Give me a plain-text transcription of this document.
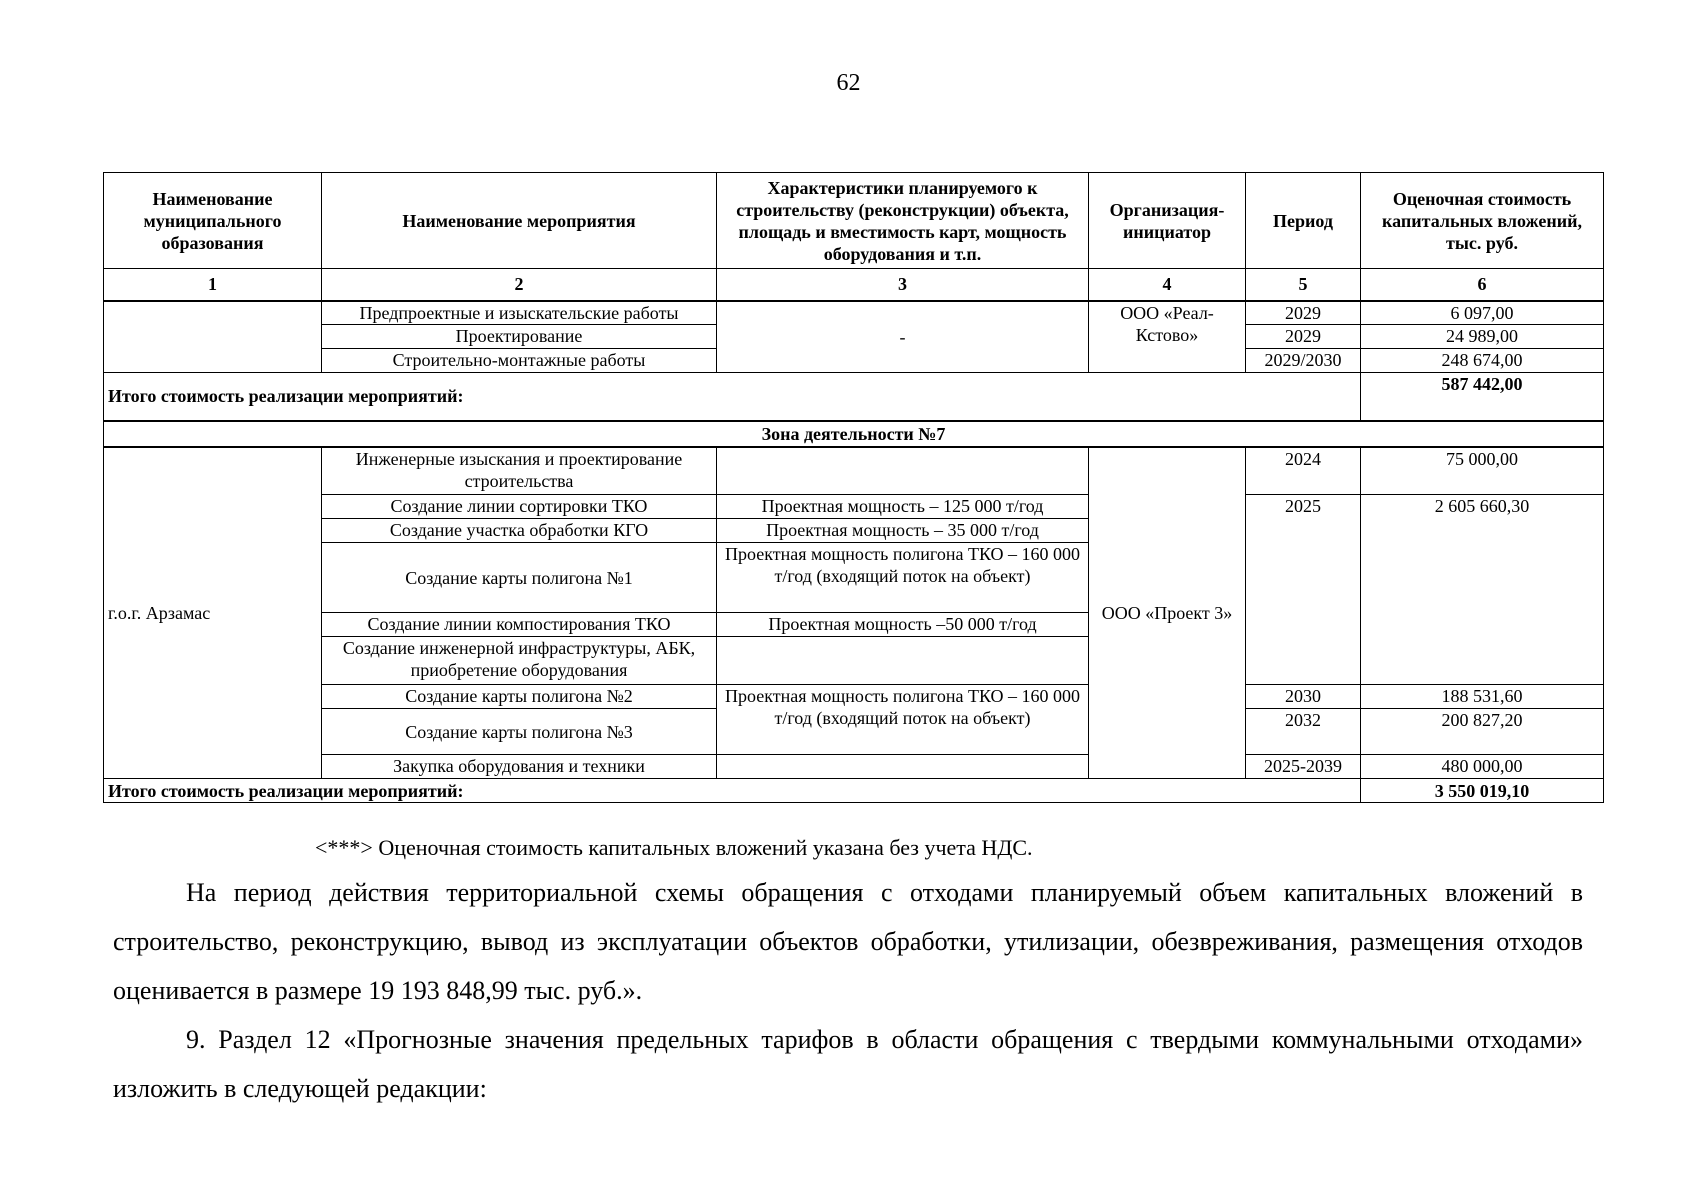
62
Наименование муниципального образования	Наименование мероприятия	Характеристики планируемого к строительству (реконструкции) объекта, площадь и вместимость карт, мощность оборудования и т.п.	Организация-инициатор	Период	Оценочная стоимость капитальных вложений, тыс. руб.
1	2	3	4	5	6
	Предпроектные и изыскательские работы	-	ООО «Реал-Кстово»	2029	6 097,00
	Проектирование			2029	24 989,00
	Строительно-монтажные работы			2029/2030	248 674,00
Итого стоимость реализации мероприятий:					587 442,00
Зона деятельности №7					
г.о.г. Арзамас	Инженерные изыскания и проектирование строительства		ООО «Проект 3»	2024	75 000,00
	Создание линии сортировки ТКО	Проектная мощность – 125 000 т/год		2025	2 605 660,30
	Создание участка обработки КГО	Проектная мощность – 35 000 т/год			
	Создание карты полигона №1	Проектная мощность полигона ТКО – 160 000 т/год (входящий поток на объект)			
	Создание линии компостирования ТКО	Проектная мощность –50 000 т/год			
	Создание инженерной инфраструктуры, АБК, приобретение оборудования				
	Создание карты полигона №2	Проектная мощность полигона ТКО – 160 000 т/год (входящий поток на объект)		2030	188 531,60
	Создание карты полигона №3			2032	200 827,20
	Закупка оборудования и техники			2025-2039	480 000,00
Итого стоимость реализации мероприятий:					3 550 019,10
<***> Оценочная стоимость капитальных вложений указана без учета НДС.
На период действия территориальной схемы обращения с отходами планируемый объем капитальных вложений в строительство, реконструкцию, вывод из эксплуатации объектов обработки, утилизации, обезвреживания, размещения отходов оценивается в размере 19 193 848,99 тыс. руб.».
9. Раздел 12 «Прогнозные значения предельных тарифов в области обращения с твердыми коммунальными отходами» изложить в следующей редакции:
